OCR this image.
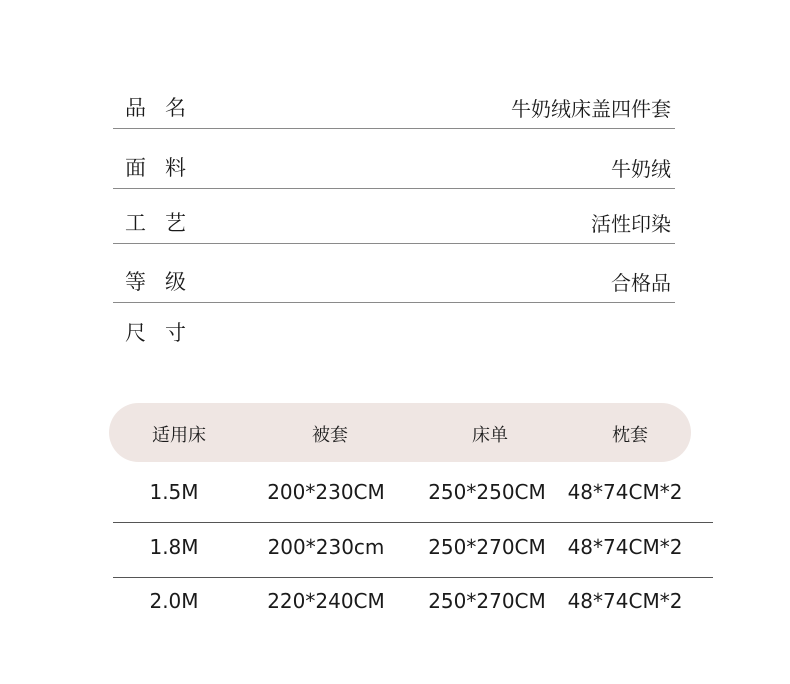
品名	牛奶绒床盖四件套
面料	牛奶绒
工艺	活性印染
等级	合格品
尺寸
适用床	被套	床单	枕套
1.5M	200*230CM 250*250CM 48*74CM*2
1.8M	200*230cm 250*270CM 48*74CM*2
2.0M	220*240CM 250*270CM 48*74CM*2
